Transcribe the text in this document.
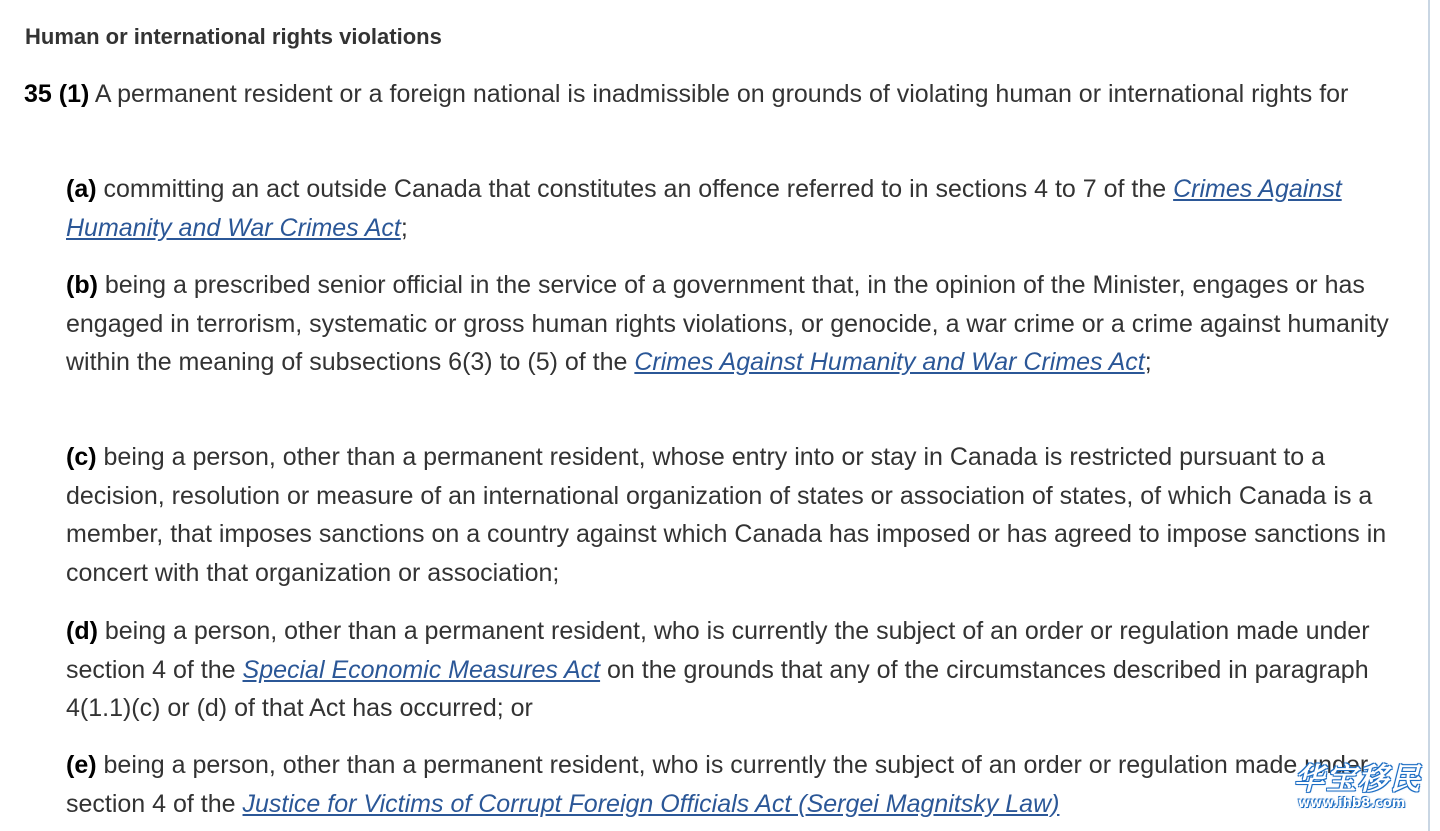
Human or international rights violations

35 (1) A permanent resident or a foreign national is inadmissible on grounds of violating human or international rights for

(a) committing an act outside Canada that constitutes an offence referred to in sections 4 to 7 of the Crimes Against Humanity and War Crimes Act;

(b) being a prescribed senior official in the service of a government that, in the opinion of the Minister, engages or has engaged in terrorism, systematic or gross human rights violations, or genocide, a war crime or a crime against humanity within the meaning of subsections 6(3) to (5) of the Crimes Against Humanity and War Crimes Act;

(c) being a person, other than a permanent resident, whose entry into or stay in Canada is restricted pursuant to a decision, resolution or measure of an international organization of states or association of states, of which Canada is a member, that imposes sanctions on a country against which Canada has imposed or has agreed to impose sanctions in concert with that organization or association;

(d) being a person, other than a permanent resident, who is currently the subject of an order or regulation made under section 4 of the Special Economic Measures Act on the grounds that any of the circumstances described in paragraph 4(1.1)(c) or (d) of that Act has occurred; or

(e) being a person, other than a permanent resident, who is currently the subject of an order or regulation made under section 4 of the Justice for Victims of Corrupt Foreign Officials Act (Sergei Magnitsky Law)

华宝移民
www.ihb8.com
